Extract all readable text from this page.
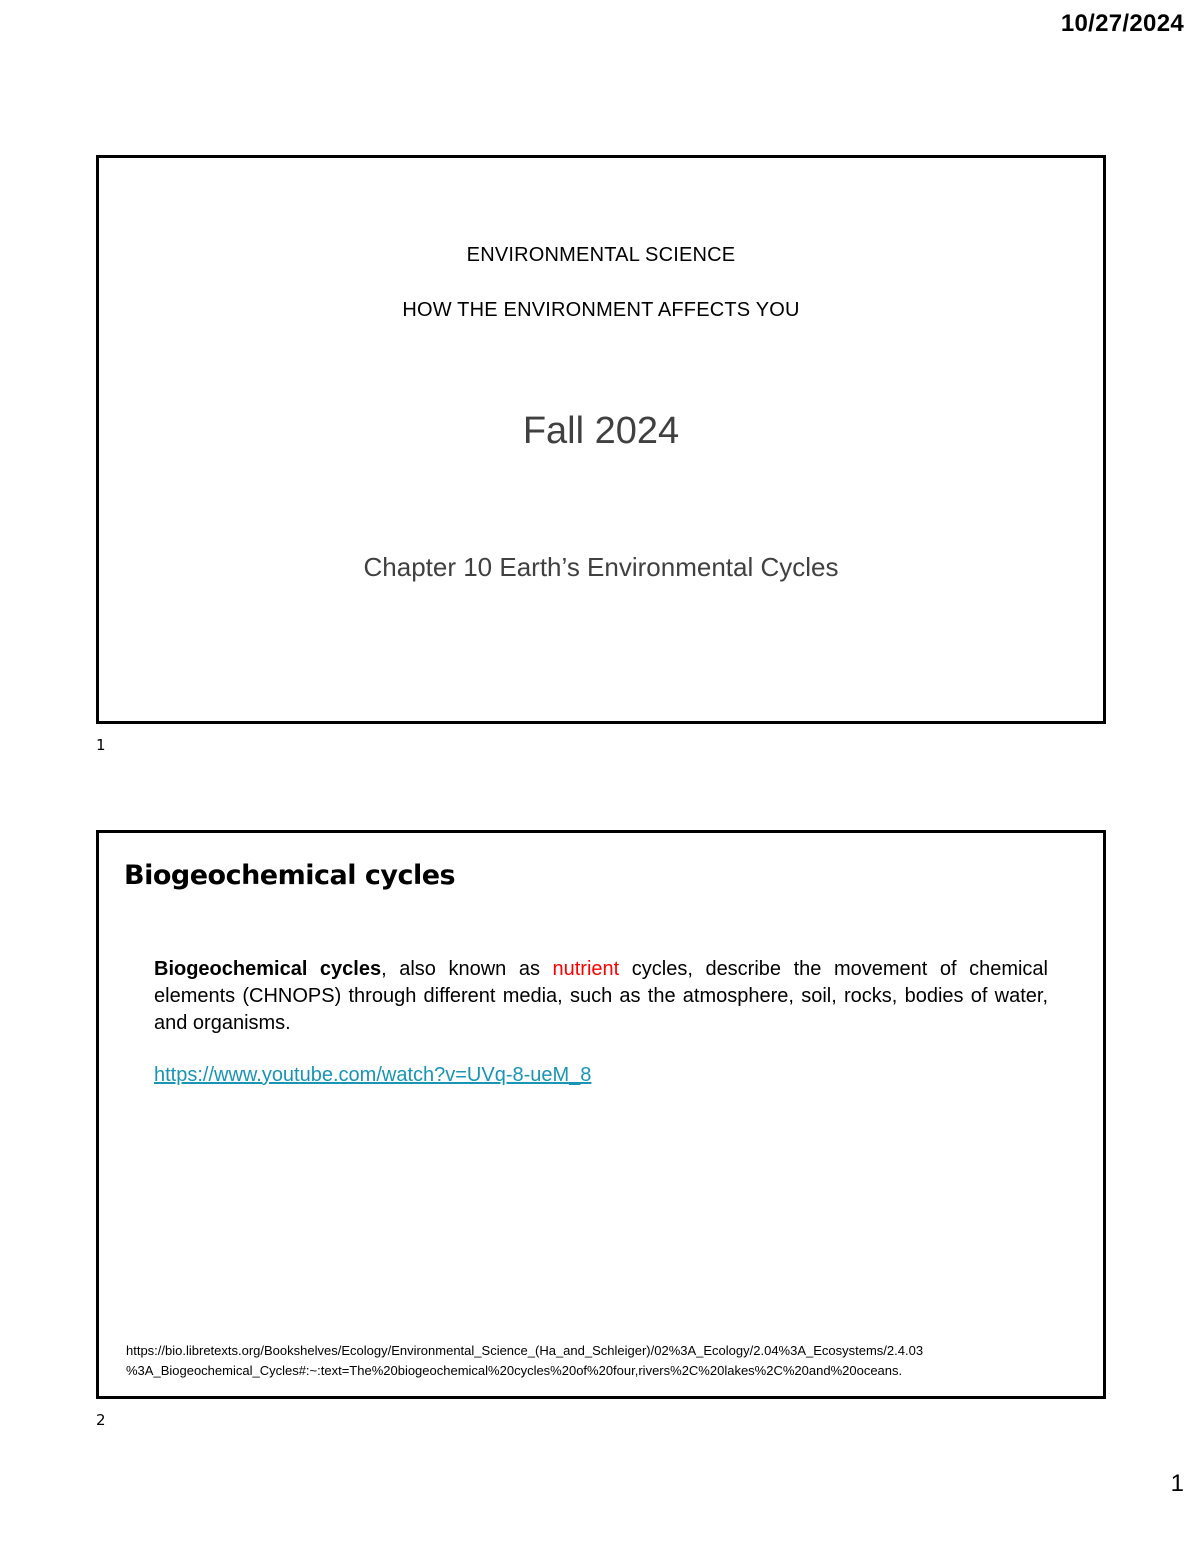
10/27/2024
ENVIRONMENTAL SCIENCE
HOW THE ENVIRONMENT AFFECTS YOU
Fall 2024
Chapter 10 Earth’s Environmental Cycles
1
Biogeochemical cycles
Biogeochemical cycles, also known as nutrient cycles, describe the movement of chemical elements (CHNOPS) through different media, such as the atmosphere, soil, rocks, bodies of water, and organisms.
https://www.youtube.com/watch?v=UVq-8-ueM_8
https://bio.libretexts.org/Bookshelves/Ecology/Environmental_Science_(Ha_and_Schleiger)/02%3A_Ecology/2.04%3A_Ecosystems/2.4.03
%3A_Biogeochemical_Cycles#:~:text=The%20biogeochemical%20cycles%20of%20four,rivers%2C%20lakes%2C%20and%20oceans.
2
1
